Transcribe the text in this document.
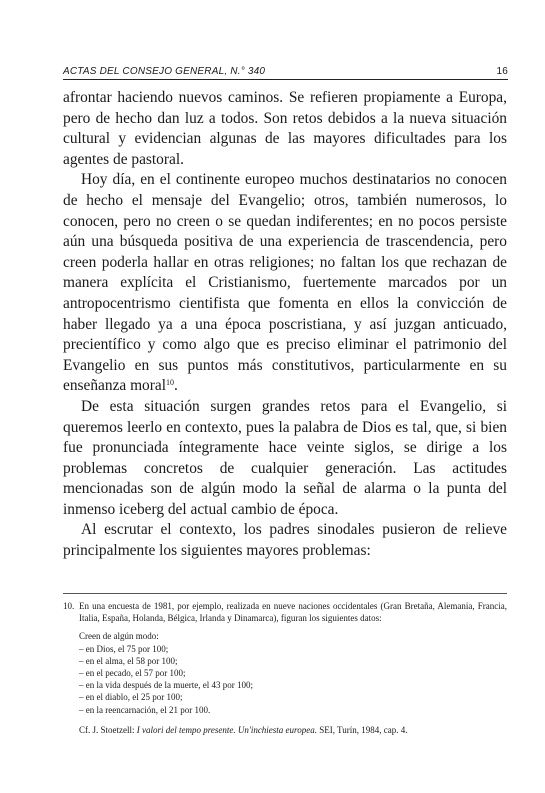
ACTAS DEL CONSEJO GENERAL, N.° 340	16

afrontar haciendo nuevos caminos. Se refieren propiamente a Europa, pero de hecho dan luz a todos. Son retos debidos a la nueva situación cultural y evidencian algunas de las mayores dificultades para los agentes de pastoral.

Hoy día, en el continente europeo muchos destinatarios no conocen de hecho el mensaje del Evangelio; otros, también numerosos, lo conocen, pero no creen o se quedan indiferentes; en no pocos persiste aún una búsqueda positiva de una experiencia de trascendencia, pero creen poderla hallar en otras religiones; no faltan los que rechazan de manera explícita el Cristianismo, fuertemente marcados por un antropocentrismo cientifista que fomenta en ellos la convicción de haber llegado ya a una época poscristiana, y así juzgan anticuado, precientífico y como algo que es preciso eliminar el patrimonio del Evangelio en sus puntos más constitutivos, particularmente en su enseñanza moral$^{10}$.

De esta situación surgen grandes retos para el Evangelio, si queremos leerlo en contexto, pues la palabra de Dios es tal, que, si bien fue pronunciada íntegramente hace veinte siglos, se dirige a los problemas concretos de cualquier generación. Las actitudes mencionadas son de algún modo la señal de alarma o la punta del inmenso iceberg del actual cambio de época.

Al escrutar el contexto, los padres sinodales pusieron de relieve principalmente los siguientes mayores problemas:

10. En una encuesta de 1981, por ejemplo, realizada en nueve naciones occidentales (Gran Bretaña, Alemania, Francia, Italia, España, Holanda, Bélgica, Irlanda y Dinamarca), figuran los siguientes datos:
Creen de algún modo:
– en Dios, el 75 por 100;
– en el alma, el 58 por 100;
– en el pecado, el 57 por 100;
– en la vida después de la muerte, el 43 por 100;
– en el diablo, el 25 por 100;
– en la reencarnación, el 21 por 100.
Cf. J. Stoetzell: I valori del tempo presente. Un'inchiesta europea. SEI, Turín, 1984, cap. 4.
